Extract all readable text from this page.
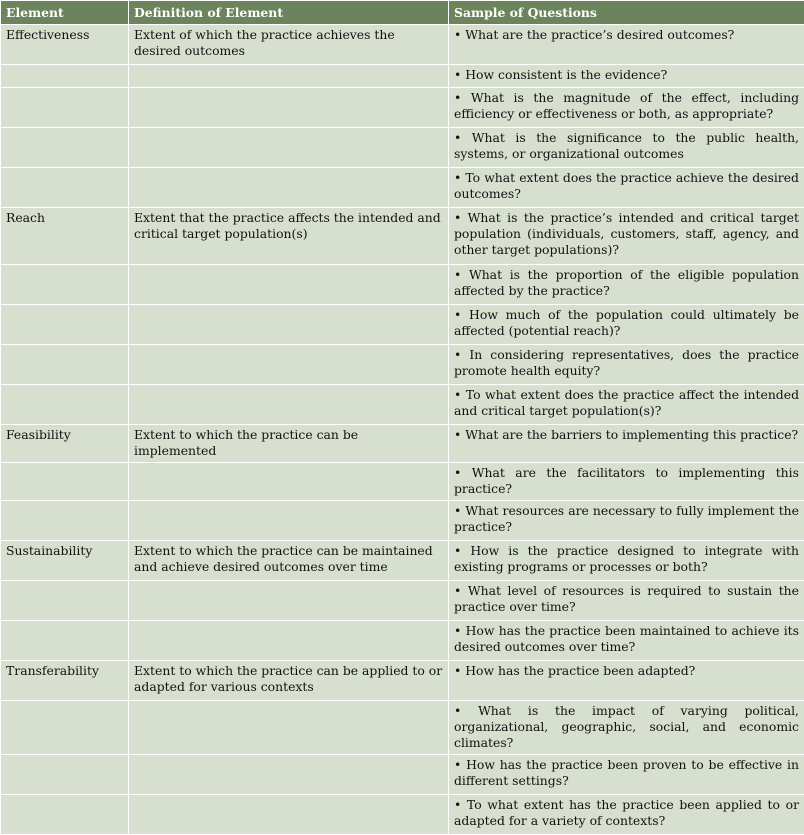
Element	Definition of Element	Sample of Questions
Effectiveness	Extent of which the practice achieves the desired outcomes	• What are the practice’s desired outcomes?
		• How consistent is the evidence?
		• What is the magnitude of the effect, including efficiency or effectiveness or both, as appropriate?
		• What is the significance to the public health, systems, or organizational outcomes
		• To what extent does the practice achieve the desired outcomes?
Reach	Extent that the practice affects the intended and critical target population(s)	• What is the practice’s intended and critical target population (individuals, customers, staff, agency, and other target populations)?
		• What is the proportion of the eligible population affected by the practice?
		• How much of the population could ultimately be affected (potential reach)?
		• In considering representatives, does the practice promote health equity?
		• To what extent does the practice affect the intended and critical target population(s)?
Feasibility	Extent to which the practice can be implemented	• What are the barriers to implementing this practice?
		• What are the facilitators to implementing this practice?
		• What resources are necessary to fully implement the practice?
Sustainability	Extent to which the practice can be maintained and achieve desired outcomes over time	• How is the practice designed to integrate with existing programs or processes or both?
		• What level of resources is required to sustain the practice over time?
		• How has the practice been maintained to achieve its desired outcomes over time?
Transferability	Extent to which the practice can be applied to or adapted for various contexts	• How has the practice been adapted?
		• What is the impact of varying political, organizational, geographic, social, and economic climates?
		• How has the practice been proven to be effective in different settings?
		• To what extent has the practice been applied to or adapted for a variety of contexts?
